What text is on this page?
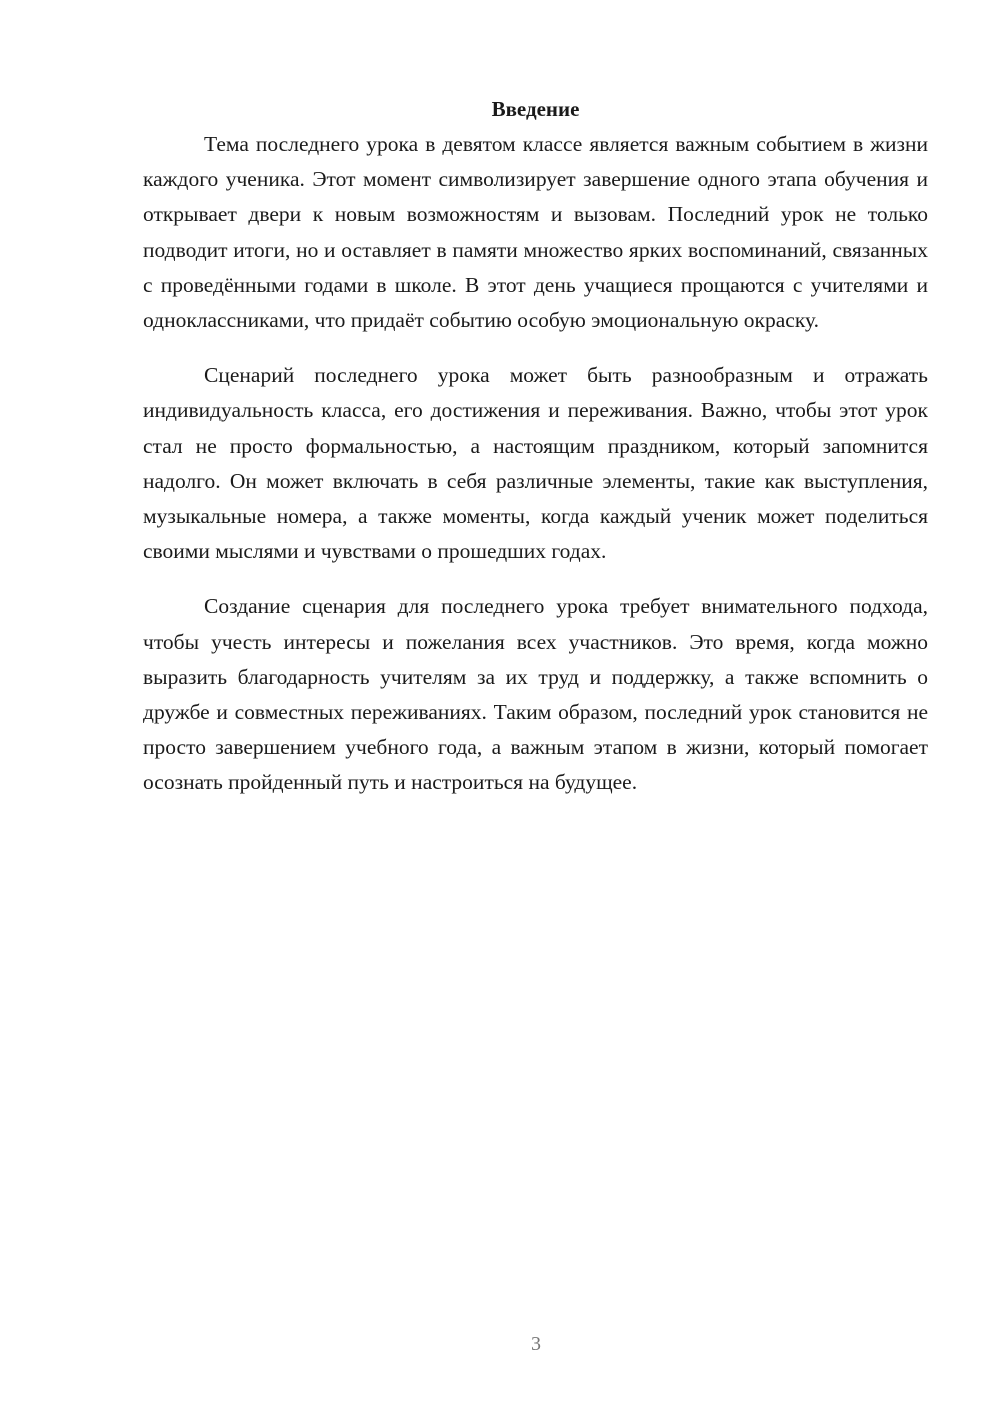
Введение

Тема последнего урока в девятом классе является важным событием в жизни каждого ученика. Этот момент символизирует завершение одного этапа обучения и открывает двери к новым возможностям и вызовам. Последний урок не только подводит итоги, но и оставляет в памяти множество ярких воспоминаний, связанных с проведёнными годами в школе. В этот день учащиеся прощаются с учителями и одноклассниками, что придаёт событию особую эмоциональную окраску.

Сценарий последнего урока может быть разнообразным и отражать индивидуальность класса, его достижения и переживания. Важно, чтобы этот урок стал не просто формальностью, а настоящим праздником, который запомнится надолго. Он может включать в себя различные элементы, такие как выступления, музыкальные номера, а также моменты, когда каждый ученик может поделиться своими мыслями и чувствами о прошедших годах.

Создание сценария для последнего урока требует внимательного подхода, чтобы учесть интересы и пожелания всех участников. Это время, когда можно выразить благодарность учителям за их труд и поддержку, а также вспомнить о дружбе и совместных переживаниях. Таким образом, последний урок становится не просто завершением учебного года, а важным этапом в жизни, который помогает осознать пройденный путь и настроиться на будущее.

3
